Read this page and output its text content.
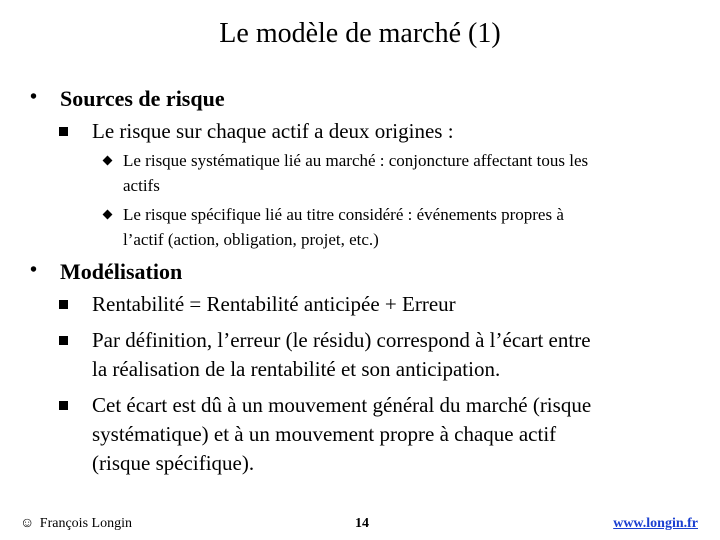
Le modèle de marché (1)
• Sources de risque
Le risque sur chaque actif a deux origines :
Le risque systématique lié au marché : conjoncture affectant tous les
actifs
Le risque spécifique lié au titre considéré : événements propres à
l’actif (action, obligation, projet, etc.)
• Modélisation
Rentabilité = Rentabilité anticipée + Erreur
Par définition, l’erreur (le résidu) correspond à l’écart entre
la réalisation de la rentabilité et son anticipation.
Cet écart est dû à un mouvement général du marché (risque
systématique) et à un mouvement propre à chaque actif
(risque spécifique).
☺ François Longin	14	www.longin.fr
